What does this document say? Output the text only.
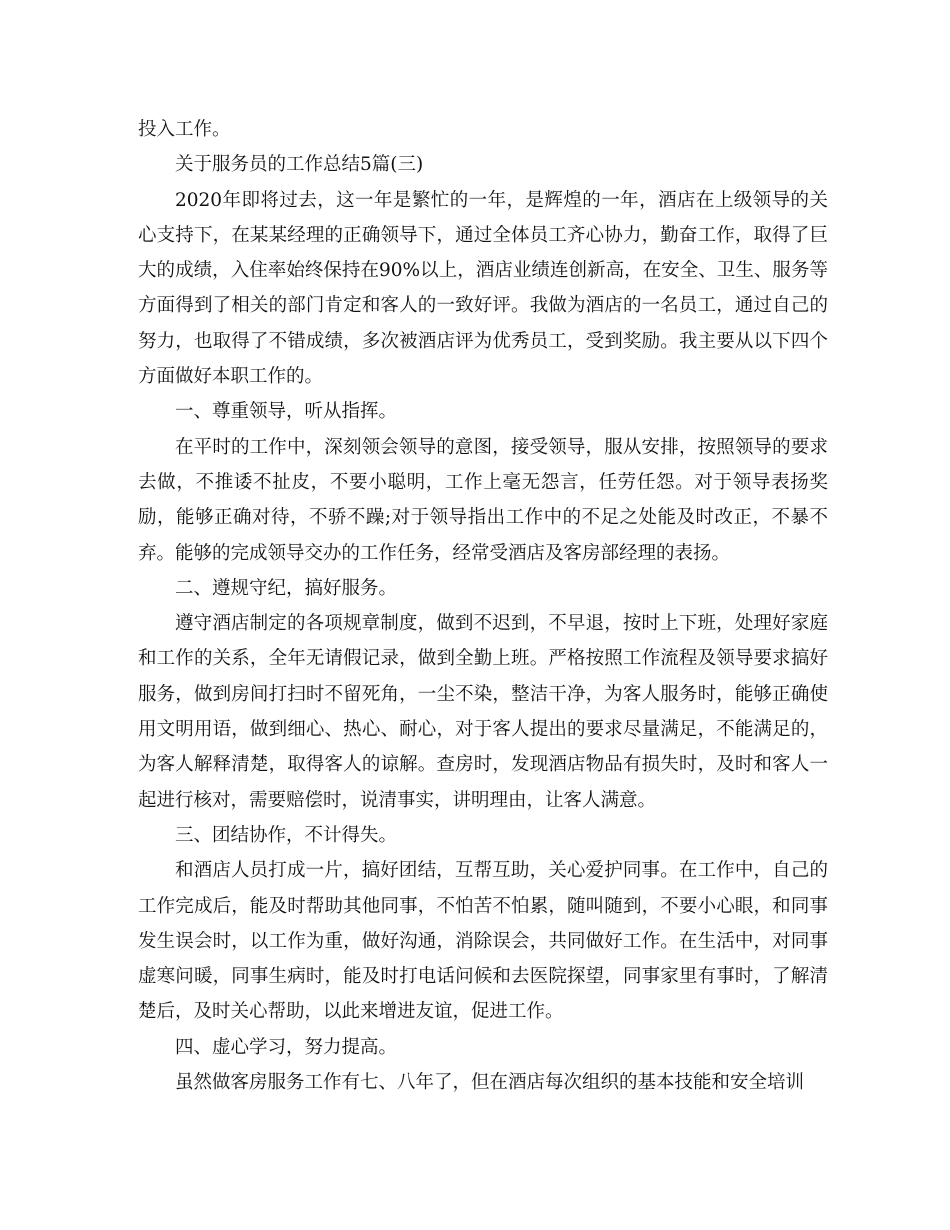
投入工作。

关于服务员的工作总结5篇(三)

2020年即将过去，这一年是繁忙的一年，是辉煌的一年，酒店在上级领导的关心支持下，在某某经理的正确领导下，通过全体员工齐心协力，勤奋工作，取得了巨大的成绩，入住率始终保持在90%以上，酒店业绩连创新高，在安全、卫生、服务等方面得到了相关的部门肯定和客人的一致好评。我做为酒店的一名员工，通过自己的努力，也取得了不错成绩，多次被酒店评为优秀员工，受到奖励。我主要从以下四个方面做好本职工作的。

一、尊重领导，听从指挥。

在平时的工作中，深刻领会领导的意图，接受领导，服从安排，按照领导的要求去做，不推诿不扯皮，不要小聪明，工作上毫无怨言，任劳任怨。对于领导表扬奖励，能够正确对待，不骄不躁;对于领导指出工作中的不足之处能及时改正，不暴不弃。能够的完成领导交办的工作任务，经常受酒店及客房部经理的表扬。

二、遵规守纪，搞好服务。

遵守酒店制定的各项规章制度，做到不迟到，不早退，按时上下班，处理好家庭和工作的关系，全年无请假记录，做到全勤上班。严格按照工作流程及领导要求搞好服务，做到房间打扫时不留死角，一尘不染，整洁干净，为客人服务时，能够正确使用文明用语，做到细心、热心、耐心，对于客人提出的要求尽量满足，不能满足的，为客人解释清楚，取得客人的谅解。查房时，发现酒店物品有损失时，及时和客人一起进行核对，需要赔偿时，说清事实，讲明理由，让客人满意。

三、团结协作，不计得失。

和酒店人员打成一片，搞好团结，互帮互助，关心爱护同事。在工作中，自己的工作完成后，能及时帮助其他同事，不怕苦不怕累，随叫随到，不要小心眼，和同事发生误会时，以工作为重，做好沟通，消除误会，共同做好工作。在生活中，对同事虚寒问暖，同事生病时，能及时打电话问候和去医院探望，同事家里有事时，了解清楚后，及时关心帮助，以此来增进友谊，促进工作。

四、虚心学习，努力提高。

虽然做客房服务工作有七、八年了，但在酒店每次组织的基本技能和安全培训
